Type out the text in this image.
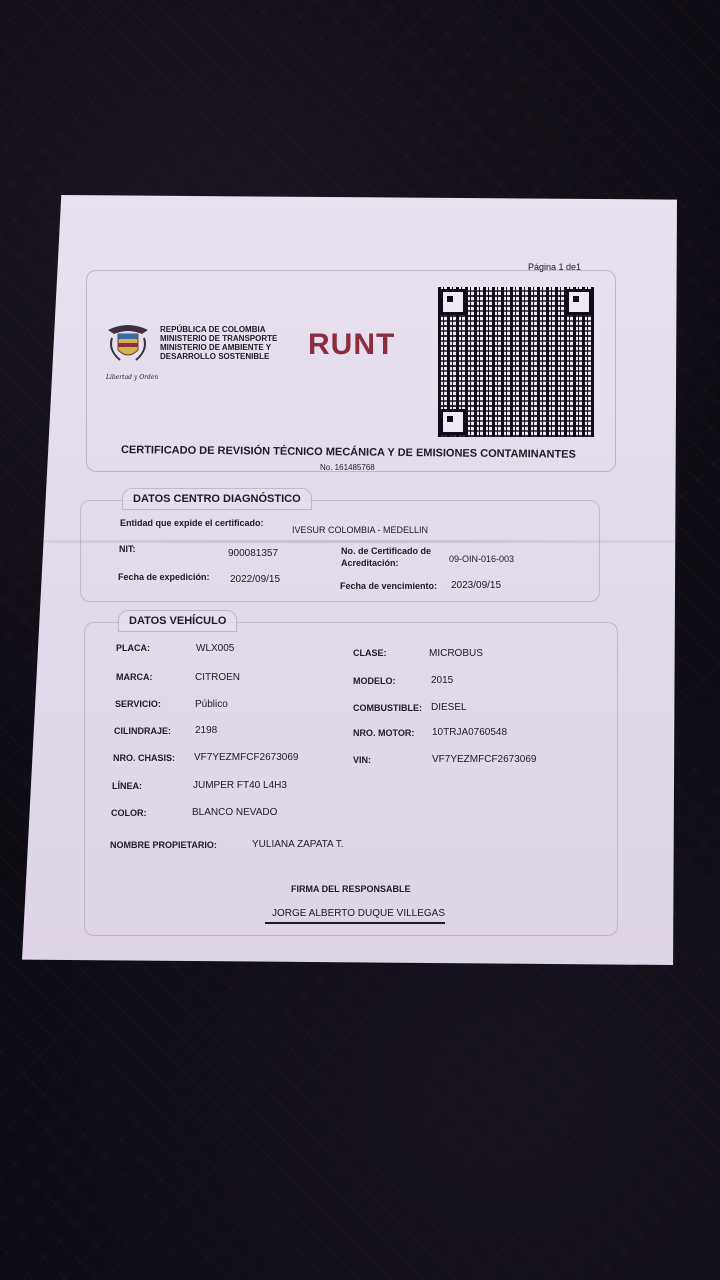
Página 1 de1
Libertad y Orden
REPÚBLICA DE COLOMBIA
MINISTERIO DE TRANSPORTE
MINISTERIO DE AMBIENTE Y
DESARROLLO SOSTENIBLE RUNT
CERTIFICADO DE REVISIÓN TÉCNICO MECÁNICA Y DE EMISIONES CONTAMINANTES
No. 161485768
DATOS CENTRO DIAGNÓSTICO
Entidad que expide el certificado:
IVESUR COLOMBIA - MEDELLIN
NIT:	900081357	No. de Certificado de
Acreditación:	09-OIN-016-003
Fecha de expedición: 2022/09/15
Fecha de vencimiento: 2023/09/15
DATOS VEHÍCULO
PLACA:	WLX005	CLASE:	MICROBUS
MARCA:	CITROEN	MODELO:	2015
SERVICIO:	Público	COMBUSTIBLE: DIESEL
CILINDRAJE: 2198	NRO. MOTOR: 10TRJA0760548
NRO. CHASIS: VF7YEZMFCF2673069	VIN:	VF7YEZMFCF2673069
LÍNEA:	JUMPER FT40 L4H3
COLOR:	BLANCO NEVADO
NOMBRE PROPIETARIO:	YULIANA ZAPATA T.
FIRMA DEL RESPONSABLE
JORGE ALBERTO DUQUE VILLEGAS
